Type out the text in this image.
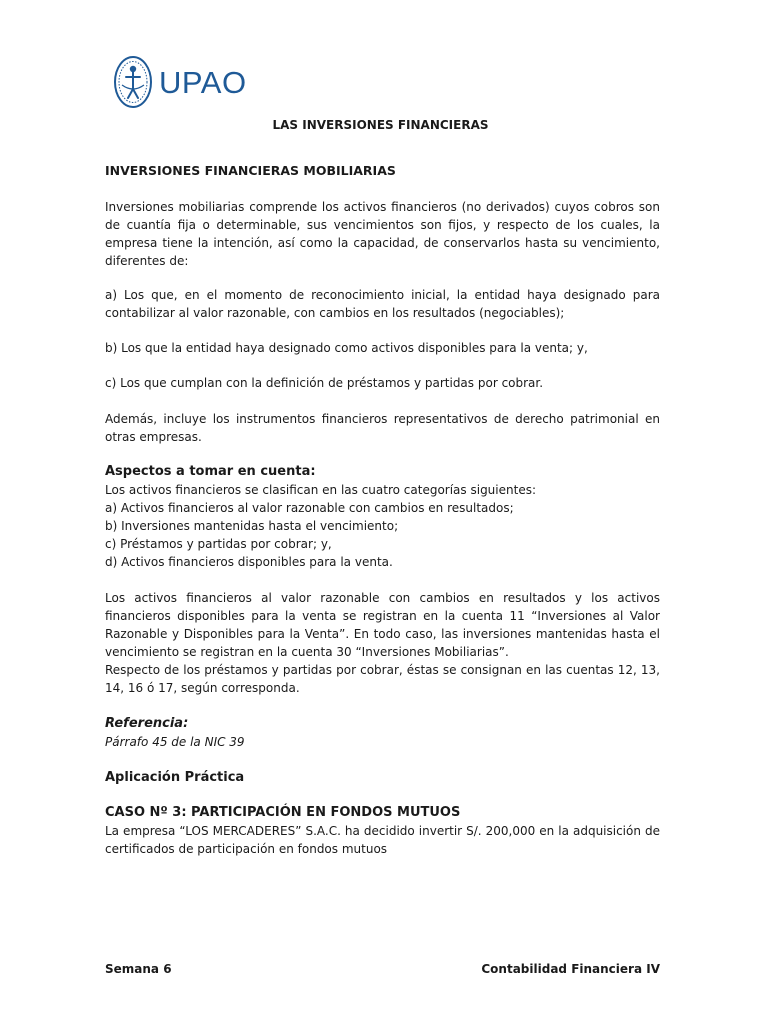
UPAO
LAS INVERSIONES FINANCIERAS
INVERSIONES FINANCIERAS MOBILIARIAS

Inversiones mobiliarias comprende los activos financieros (no derivados) cuyos cobros son de cuantía fija o determinable, sus vencimientos son fijos, y respecto de los cuales, la empresa tiene la intención, así como la capacidad, de conservarlos hasta su vencimiento, diferentes de:

a) Los que, en el momento de reconocimiento inicial, la entidad haya designado para contabilizar al valor razonable, con cambios en los resultados (negociables);

b) Los que la entidad haya designado como activos disponibles para la venta; y,

c) Los que cumplan con la definición de préstamos y partidas por cobrar.

Además, incluye los instrumentos financieros representativos de derecho patrimonial en otras empresas.

Aspectos a tomar en cuenta:

Los activos financieros se clasifican en las cuatro categorías siguientes:

a) Activos financieros al valor razonable con cambios en resultados;

b) Inversiones mantenidas hasta el vencimiento;

c) Préstamos y partidas por cobrar; y,

d) Activos financieros disponibles para la venta.

Los activos financieros al valor razonable con cambios en resultados y los activos financieros disponibles para la venta se registran en la cuenta 11 “Inversiones al Valor Razonable y Disponibles para la Venta”. En todo caso, las inversiones mantenidas hasta el vencimiento se registran en la cuenta 30 “Inversiones Mobiliarias”.

Respecto de los préstamos y partidas por cobrar, éstas se consignan en las cuentas 12, 13, 14, 16 ó 17, según corresponda.

Referencia:

Párrafo 45 de la NIC 39

Aplicación Práctica
CASO Nº 3: PARTICIPACIÓN EN FONDOS MUTUOS

La empresa “LOS MERCADERES” S.A.C. ha decidido invertir S/. 200,000 en la adquisición de certificados de participación en fondos mutuos

Semana 6	Contabilidad Financiera IV
